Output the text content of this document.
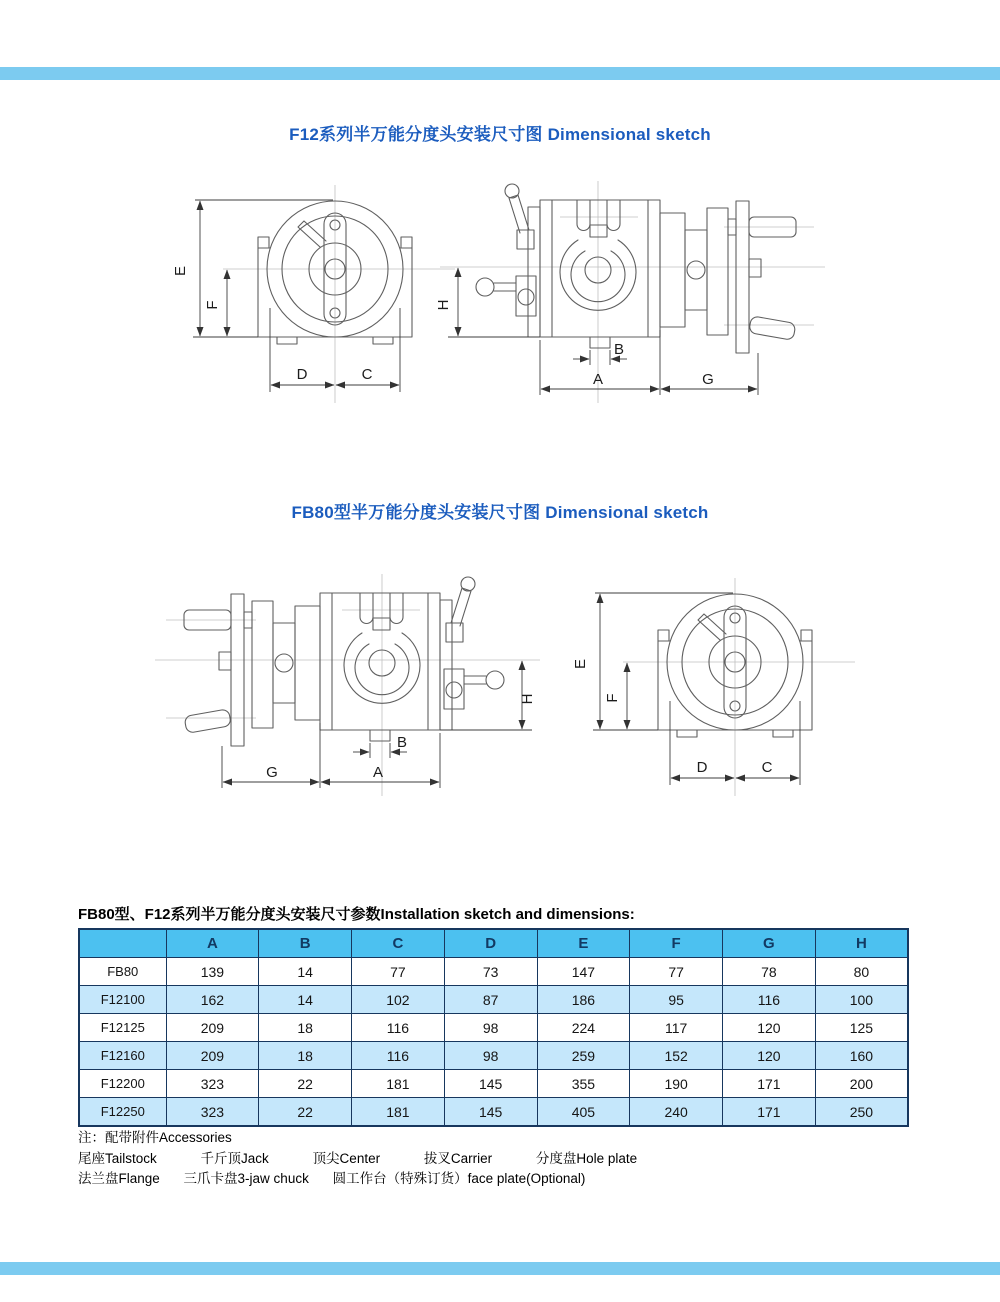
F12系列半万能分度头安装尺寸图 Dimensional sketch
E
F
D	C
H
B
A	G
FB80型半万能分度头安装尺寸图 Dimensional sketch
G	A
B
H
E
F
D	C
FB80型、F12系列半万能分度头安装尺寸参数Installation sketch and dimensions:
	A	B	C	D	E	F	G	H
FB80	139	14	77	73	147	77	78	80
F12100	162	14	102	87	186	95	116	100
F12125	209	18	116	98	224	117	120	125
F12160	209	18	116	98	259	152	120	160
F12200	323	22	181	145	355	190	171	200
F12250	323	22	181	145	405	240	171	250
注：配带附件Accessories
尾座Tailstock	千斤顶Jack	顶尖Center	拔叉Carrier	分度盘Hole plate
法兰盘Flange 三爪卡盘3-jaw chuck 圆工作台（特殊订货）face plate(Optional)
